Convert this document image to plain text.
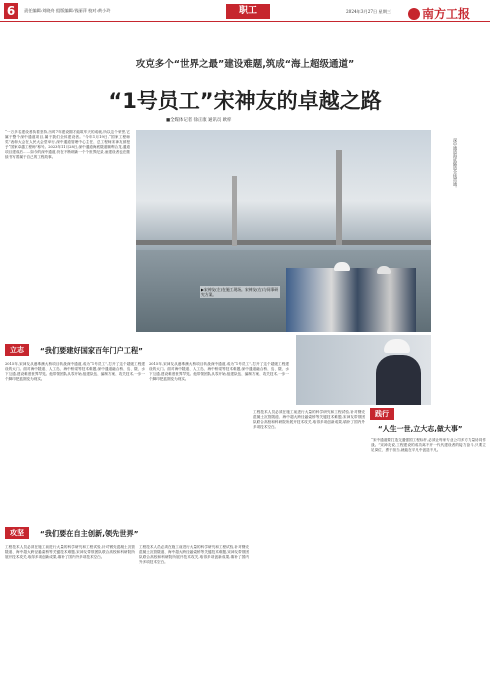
6	责任编辑:刘晓舟 组版编辑:钱丽萍 校对:黄小玲	职工	2024年3月27日 星期三	南方工报
攻克多个“世界之最”建设难题,筑成“海上超级通道”
“1号员工”宋神友的卓越之路
■全媒体记者 徐正康 通讯员 欧梓
“一万多名建设者执着坚持,历时7年建设期才能筑牢天的成就,所以这个荣誉,它属于整个深中通道项目,属于我们全体建设者。”今年1月19日,“国家工程师奖”表彰大会在人民大会堂举行,深中通道管理中心主任、总工程师宋神友被授予“国家卓越工程师”称号。2023年11月28日,深中通道海底隧道顺利合龙,通道项目建成后……如今的深中通道,仍在不断刷新一个个世界纪录,而建设者也在继续书写着属于自己的工程故事。
▶宋神友(左)在施工现场。宋神友(右)与同事研究方案。
深中通道海底隧道全线贯通。
立志	“我们要建好国家百年门户工程”
2015年,宋神友从港珠澳大桥项目转战深中通道,成为“1号员工”,打开了这个超级工程建设的大门。面对海中隧道、人工岛、海中桥梁等技术难题,深中通道融合桥、岛、隧、水下互通,建设难度世界罕见。他带领团队从零开始,组建队伍、编制方案、攻关技术,一步一个脚印把蓝图变为现实。
2015年,宋神友从港珠澳大桥项目转战深中通道,成为“1号员工”,打开了这个超级工程建设的大门。面对海中隧道、人工岛、海中桥梁等技术难题,深中通道融合桥、岛、隧、水下互通,建设难度世界罕见。他带领团队从零开始,组建队伍、编制方案、攻关技术,一步一个脚印把蓝图变为现实。
践行
“人生一世,立大志,做大事”
“宋中通道要打造交通强国工程标杆,必须让每家专业公司多方力量协同作战。”宋神友说,工程建设的成功离不开一代代建设者的接力奋斗,只要立足岗位、勇于担当,就能在平凡中创造不凡。
攻坚	“我们要在自主创新,领先世界”
工程技术人员必须在施工前进行大量的科学研究和工程试验,针对钢壳混凝土沉管隧道、海中超大跨径悬索桥等关键技术难题,宋神友带领团队联合高校和科研院所展开技术攻关,取得多项创新成果,填补了国内外多项技术空白。
工程技术人员必须在施工前进行大量的科学研究和工程试验,针对钢壳混凝土沉管隧道、海中超大跨径悬索桥等关键技术难题,宋神友带领团队联合高校和科研院所展开技术攻关,取得多项创新成果,填补了国内外多项技术空白。
工程技术人员必须在施工前进行大量的科学研究和工程试验,针对钢壳混凝土沉管隧道、海中超大跨径悬索桥等关键技术难题,宋神友带领团队联合高校和科研院所展开技术攻关,取得多项创新成果,填补了国内外多项技术空白。
